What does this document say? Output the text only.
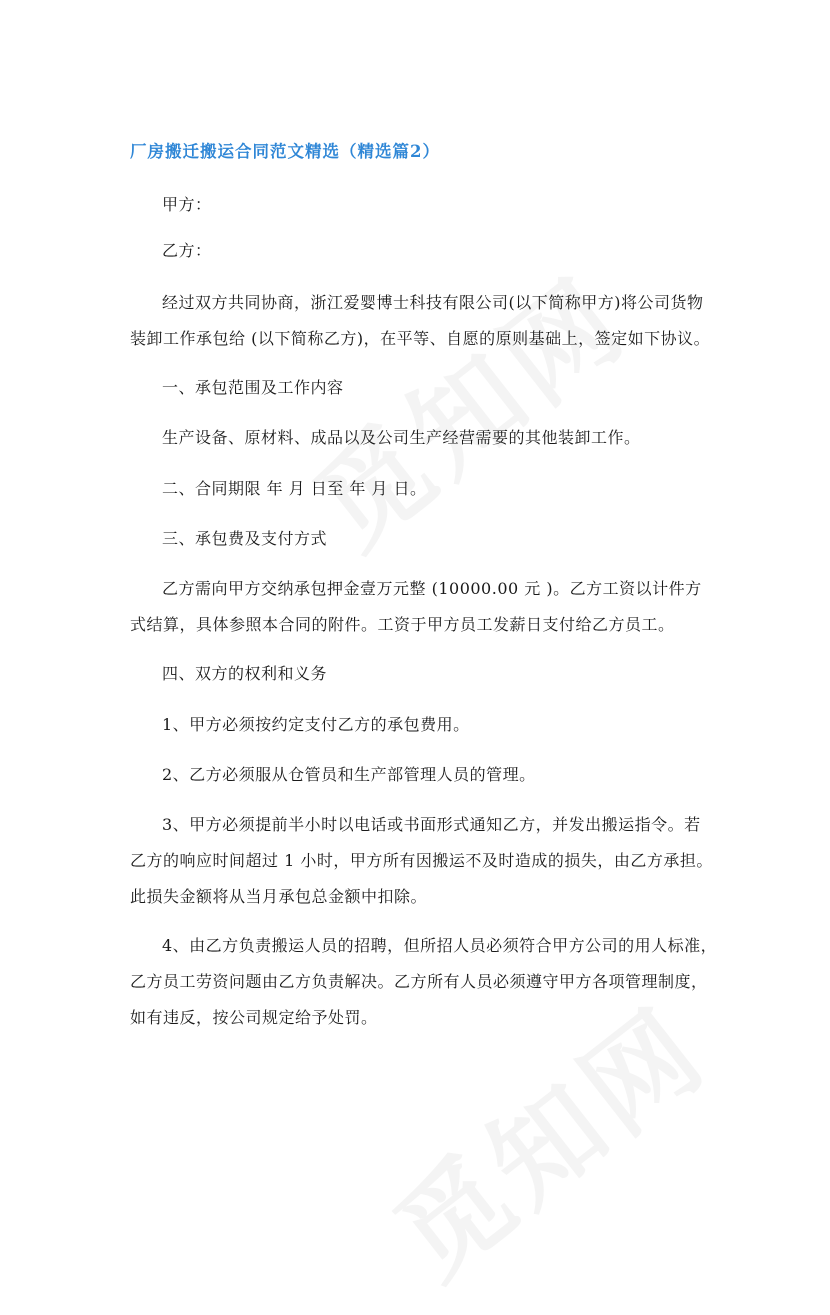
厂房搬迁搬运合同范文精选（精选篇2）
甲方：
乙方：
经过双方共同协商，浙江爱婴博士科技有限公司(以下简称甲方)将公司货物
装卸工作承包给 (以下简称乙方)，在平等、自愿的原则基础上，签定如下协议。
一、承包范围及工作内容
生产设备、原材料、成品以及公司生产经营需要的其他装卸工作。
二、合同期限 年 月 日至 年 月 日。
三、承包费及支付方式
乙方需向甲方交纳承包押金壹万元整 (10000.00 元 )。乙方工资以计件方
式结算，具体参照本合同的附件。工资于甲方员工发薪日支付给乙方员工。
四、双方的权利和义务
1、甲方必须按约定支付乙方的承包费用。
2、乙方必须服从仓管员和生产部管理人员的管理。
3、甲方必须提前半小时以电话或书面形式通知乙方，并发出搬运指令。若
乙方的响应时间超过 1 小时，甲方所有因搬运不及时造成的损失，由乙方承担。
此损失金额将从当月承包总金额中扣除。
4、由乙方负责搬运人员的招聘，但所招人员必须符合甲方公司的用人标准，
乙方员工劳资问题由乙方负责解决。乙方所有人员必须遵守甲方各项管理制度，
如有违反，按公司规定给予处罚。
